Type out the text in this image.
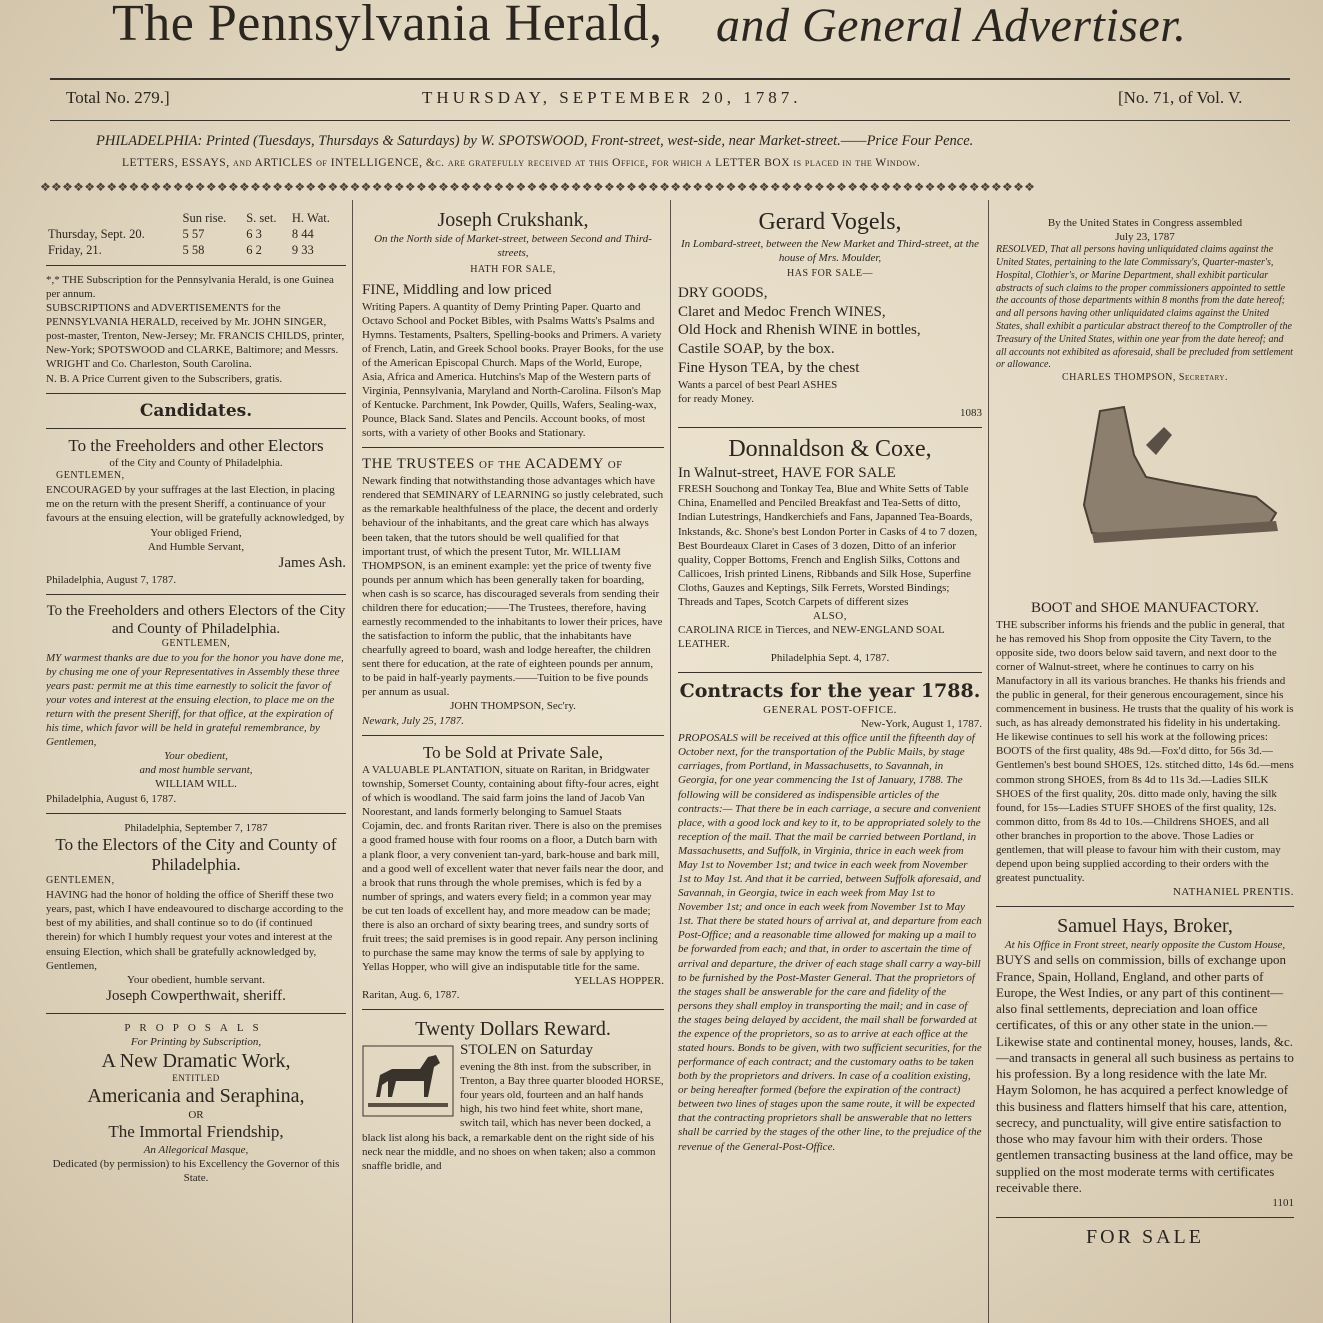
The Pennsylvania Herald, and General Advertiser.
Total No. 279.]	THURSDAY, SEPTEMBER 20, 1787.	[No. 71, of Vol. V.
PHILADELPHIA: Printed (Tuesdays, Thursdays & Saturdays) by W. SPOTSWOOD, Front-street, west-side, near Market-street.——Price Four Pence.
LETTERS, ESSAYS, and ARTICLES of INTELLIGENCE, &c. are gratefully received at this Office, for which a LETTER BOX is placed in the Window.
❖❖❖❖❖❖❖❖❖❖❖❖❖❖❖❖❖❖❖❖❖❖❖❖❖❖❖❖❖❖❖❖❖❖❖❖❖❖❖❖❖❖❖❖❖❖❖❖❖❖❖❖❖❖❖❖❖❖❖❖❖❖❖❖❖❖❖❖❖❖❖❖❖❖❖❖❖❖❖❖❖❖❖❖❖❖❖❖❖❖
	Sun rise.	S. set.	H. Wat.
Thursday, Sept. 20.	5 57	6 3	8 44
Friday, 21.	5 58	6 2	9 33

*,* THE Subscription for the Pennsylvania Herald, is one Guinea per annum.

SUBSCRIPTIONS and ADVERTISEMENTS for the PENNSYLVANIA HERALD, received by Mr. JOHN SINGER, post-master, Trenton, New-Jersey; Mr. FRANCIS CHILDS, printer, New-York; SPOTSWOOD and CLARKE, Baltimore; and Messrs. WRIGHT and Co. Charleston, South Carolina.

N. B. A Price Current given to the Subscribers, gratis.

Candidates.

To the Freeholders and other Electors

of the City and County of Philadelphia.

GENTLEMEN,

ENCOURAGED by your suffrages at the last Election, in placing me on the return with the present Sheriff, a continuance of your favours at the ensuing election, will be gratefully acknowledged, by

Your obliged Friend,

And Humble Servant,

James Ash.

Philadelphia, August 7, 1787.

To the Freeholders and others Electors of the City and County of Philadelphia.

GENTLEMEN,

MY warmest thanks are due to you for the honor you have done me, by chusing me one of your Representatives in Assembly these three years past: permit me at this time earnestly to solicit the favor of your votes and interest at the ensuing election, to place me on the return with the present Sheriff, for that office, at the expiration of his time, which favor will be held in grateful remembrance, by Gentlemen,

Your obedient,

and most humble servant,

WILLIAM WILL.

Philadelphia, August 6, 1787.

Philadelphia, September 7, 1787

To the Electors of the City and County of Philadelphia.

GENTLEMEN,

HAVING had the honor of holding the office of Sheriff these two years, past, which I have endeavoured to discharge according to the best of my abilities, and shall continue so to do (if continued therein) for which I humbly request your votes and interest at the ensuing Election, which shall be gratefully acknowledged by, Gentlemen,

Your obedient, humble servant.

Joseph Cowperthwait, sheriff.

PROPOSALS

For Printing by Subscription,

A New Dramatic Work,

ENTITLED

Americania and Seraphina,

OR

The Immortal Friendship,

An Allegorical Masque,

Dedicated (by permission) to his Excellency the Governor of this State.

Joseph Crukshank,

On the North side of Market-street, between Second and Third-streets,

HATH FOR SALE,

FINE, Middling and low priced

Writing Papers. A quantity of Demy Printing Paper. Quarto and Octavo School and Pocket Bibles, with Psalms Watts's Psalms and Hymns. Testaments, Psalters, Spelling-books and Primers. A variety of French, Latin, and Greek School books. Prayer Books, for the use of the American Episcopal Church. Maps of the World, Europe, Asia, Africa and America. Hutchins's Map of the Western parts of Virginia, Pennsylvania, Maryland and North-Carolina. Filson's Map of Kentucke. Parchment, Ink Powder, Quills, Wafers, Sealing-wax, Pounce, Black Sand. Slates and Pencils. Account books, of most sorts, with a variety of other Books and Stationary.

THE TRUSTEES of the ACADEMY of

Newark finding that notwithstanding those advantages which have rendered that SEMINARY of LEARNING so justly celebrated, such as the remarkable healthfulness of the place, the decent and orderly behaviour of the inhabitants, and the great care which has always been taken, that the tutors should be well qualified for that important trust, of which the present Tutor, Mr. WILLIAM THOMPSON, is an eminent example: yet the price of twenty five pounds per annum which has been generally taken for boarding, when cash is so scarce, has discouraged severals from sending their children there for education;——The Trustees, therefore, having earnestly recommended to the inhabitants to lower their prices, have the satisfaction to inform the public, that the inhabitants have chearfully agreed to board, wash and lodge hereafter, the children sent there for education, at the rate of eighteen pounds per annum, to be paid in half-yearly payments.——Tuition to be five pounds per annum as usual.

JOHN THOMPSON, Sec'ry.

Newark, July 25, 1787.

To be Sold at Private Sale,

A VALUABLE PLANTATION, situate on Raritan, in Bridgwater township, Somerset County, containing about fifty-four acres, eight of which is woodland. The said farm joins the land of Jacob Van Noorestant, and lands formerly belonging to Samuel Staats Cojamin, dec. and fronts Raritan river. There is also on the premises a good framed house with four rooms on a floor, a Dutch barn with a plank floor, a very convenient tan-yard, bark-house and bark mill, and a good well of excellent water that never fails near the door, and a brook that runs through the whole premises, which is fed by a number of springs, and waters every field; in a common year may be cut ten loads of excellent hay, and more meadow can be made; there is also an orchard of sixty bearing trees, and sundry sorts of fruit trees; the said premises is in good repair. Any person inclining to purchase the same may know the terms of sale by applying to Yellas Hopper, who will give an indisputable title for the same.

YELLAS HOPPER.

Raritan, Aug. 6, 1787.

Twenty Dollars Reward.

STOLEN on Saturday

evening the 8th inst. from the subscriber, in Trenton, a Bay three quarter blooded HORSE, four years old, fourteen and an half hands high, his two hind feet white, short mane, switch tail, which has never been docked, a black list along his back, a remarkable dent on the right side of his neck near the middle, and no shoes on when taken; also a common snaffle bridle, and

Gerard Vogels,

In Lombard-street, between the New Market and Third-street, at the house of Mrs. Moulder,

HAS FOR SALE—

DRY GOODS,

Claret and Medoc French WINES,

Old Hock and Rhenish WINE in bottles,

Castile SOAP, by the box.

Fine Hyson TEA, by the chest

Wants a parcel of best Pearl ASHES

for ready Money.

1083

Donnaldson & Coxe,

In Walnut-street, HAVE FOR SALE

FRESH Souchong and Tonkay Tea, Blue and White Setts of Table China, Enamelled and Penciled Breakfast and Tea-Setts of ditto, Indian Lutestrings, Handkerchiefs and Fans, Japanned Tea-Boards, Inkstands, &c. Shone's best London Porter in Casks of 4 to 7 dozen, Best Bourdeaux Claret in Cases of 3 dozen, Ditto of an inferior quality, Copper Bottoms, French and English Silks, Cottons and Callicoes, Irish printed Linens, Ribbands and Silk Hose, Superfine Cloths, Gauzes and Keptings, Silk Ferrets, Worsted Bindings; Threads and Tapes, Scotch Carpets of different sizes

ALSO,

CAROLINA RICE in Tierces, and NEW-ENGLAND SOAL LEATHER.

Philadelphia Sept. 4, 1787.

Contracts for the year 1788.

GENERAL POST-OFFICE.

New-York, August 1, 1787.

PROPOSALS will be received at this office until the fifteenth day of October next, for the transportation of the Public Mails, by stage carriages, from Portland, in Massachusetts, to Savannah, in Georgia, for one year commencing the 1st of January, 1788. The following will be considered as indispensible articles of the contracts:— That there be in each carriage, a secure and convenient place, with a good lock and key to it, to be appropriated solely to the reception of the mail. That the mail be carried between Portland, in Massachusetts, and Suffolk, in Virginia, thrice in each week from May 1st to November 1st; and twice in each week from November 1st to May 1st. And that it be carried, between Suffolk aforesaid, and Savannah, in Georgia, twice in each week from May 1st to November 1st; and once in each week from November 1st to May 1st. That there be stated hours of arrival at, and departure from each Post-Office; and a reasonable time allowed for making up a mail to be forwarded from each; and that, in order to ascertain the time of arrival and departure, the driver of each stage shall carry a way-bill to be furnished by the Post-Master General. That the proprietors of the stages shall be answerable for the care and fidelity of the persons they shall employ in transporting the mail; and in case of the stages being delayed by accident, the mail shall be forwarded at the expence of the proprietors, so as to arrive at each office at the stated hours. Bonds to be given, with two sufficient securities, for the performance of each contract; and the customary oaths to be taken both by the proprietors and drivers. In case of a coalition existing, or being hereafter formed (before the expiration of the contract) between two lines of stages upon the same route, it will be expected that the contracting proprietors shall be answerable that no letters shall be carried by the stages of the other line, to the prejudice of the revenue of the General-Post-Office.

By the United States in Congress assembled

July 23, 1787

RESOLVED, That all persons having unliquidated claims against the United States, pertaining to the late Commissary's, Quarter-master's, Hospital, Clothier's, or Marine Department, shall exhibit particular abstracts of such claims to the proper commissioners appointed to settle the accounts of those departments within 8 months from the date hereof; and all persons having other unliquidated claims against the United States, shall exhibit a particular abstract thereof to the Comptroller of the Treasury of the United States, within one year from the date hereof; and all accounts not exhibited as aforesaid, shall be precluded from settlement or allowance.

CHARLES THOMPSON, Secretary.

BOOT and SHOE MANUFACTORY.

THE subscriber informs his friends and the public in general, that he has removed his Shop from opposite the City Tavern, to the opposite side, two doors below said tavern, and next door to the corner of Walnut-street, where he continues to carry on his Manufactory in all its various branches. He thanks his friends and the public in general, for their generous encouragement, since his commencement in business. He trusts that the quality of his work is such, as has already demonstrated his fidelity in his undertaking. He likewise continues to sell his work at the following prices: BOOTS of the first quality, 48s 9d.—Fox'd ditto, for 56s 3d.—Gentlemen's best bound SHOES, 12s. stitched ditto, 14s 6d.—mens common strong SHOES, from 8s 4d to 11s 3d.—Ladies SILK SHOES of the first quality, 20s. ditto made only, having the silk found, for 15s—Ladies STUFF SHOES of the first quality, 12s. common ditto, from 8s 4d to 10s.—Childrens SHOES, and all other branches in proportion to the above. Those Ladies or gentlemen, that will please to favour him with their custom, may depend upon being supplied according to their orders with the greatest punctuality.

NATHANIEL PRENTIS.

Samuel Hays, Broker,

At his Office in Front street, nearly opposite the Custom House,

BUYS and sells on commission, bills of exchange upon France, Spain, Holland, England, and other parts of Europe, the West Indies, or any part of this continent—also final settlements, depreciation and loan office certificates, of this or any other state in the union.—Likewise state and continental money, houses, lands, &c.—and transacts in general all such business as pertains to his profession. By a long residence with the late Mr. Haym Solomon, he has acquired a perfect knowledge of this business and flatters himself that his care, attention, secrecy, and punctuality, will give entire satisfaction to those who may favour him with their orders. Those gentlemen transacting business at the land office, may be supplied on the most moderate terms with certificates receivable there.

1101

FOR SALE
